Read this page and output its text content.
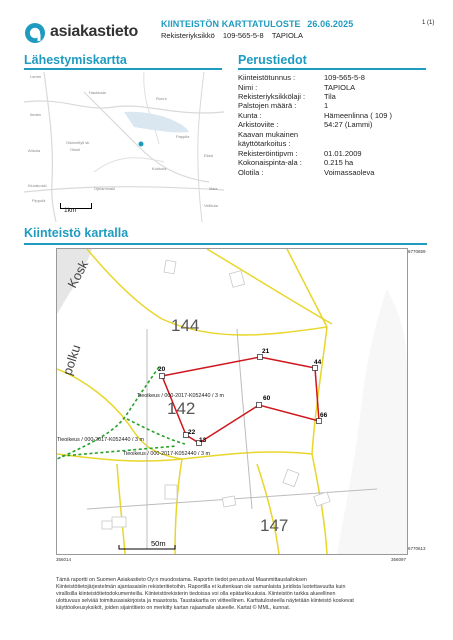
asiakastieto	KIINTEISTÖN KARTTATULOSTE 26.06.2025
Rekisteriyksikkö 109-565-5-8 TAPIOLA
1 (1)
Lähestymiskartta
Lamm
Haukkala
Ronni
Ilmala
Ahkola
Oikinnittyli sk
Oksiö
Pappila
Kukkola
Ekkä
Kiurakoski
Ojelammaki	Iitala
Pippolä
Velikula
1km
Perustiedot
Kiinteistötunnus :	109-565-5-8
Nimi :	TAPIOLA
Rekisteriyksikkölaji :	Tila
Palstojen määrä :	1
Kunta :	Hämeenlinna ( 109 )
Arkistoviite :	54:27 (Lammi)
Kaavan mukainen
käyttötarkoitus :
Rekisteröintipvm :	01.01.2009
Kokonaispinta-ala :	0.215 ha
Olotila :	Voimassaoleva
Kiinteistö kartalla
20
21
44
60
66
22
13
144
142
147
Kosk
polku
Tieoikeus / 000-2017-K052440 / 3 m
Tieoikeus / 000-2017-K052440 / 3 m
Tieoikeus / 000-2017-K052440 / 3 m
50m
6770659
6770613
356014	356097
Tämä raportti on Suomen Asiakastieto Oy:n muodostama. Raportin tiedot perustuvat Maanmittauslaitoksen
Kiinteistötietojärjestelmän ajantasaisiin rekisteritietoihin. Raportilla ei kuitenkaan ole samanlaista juridista luotettavuutta kuin
virallisilla kiinteistötietodokumenteilla. Kiinteistörekisterin tiedoissa voi olla epätarkkuuksia. Kiinteistön tarkka alueellinen
ulottuvuus selviää toimitusasiakirjoista ja maastosta. Taustakartta on viitteellinen. Karttatulosteella näytetään kiinteistö koskevat
käyttöoikeusyksiköt, joiden sijaintitieto on merkitty kartan rajaamalle alueelle. Kartat © MML, kunnat.
